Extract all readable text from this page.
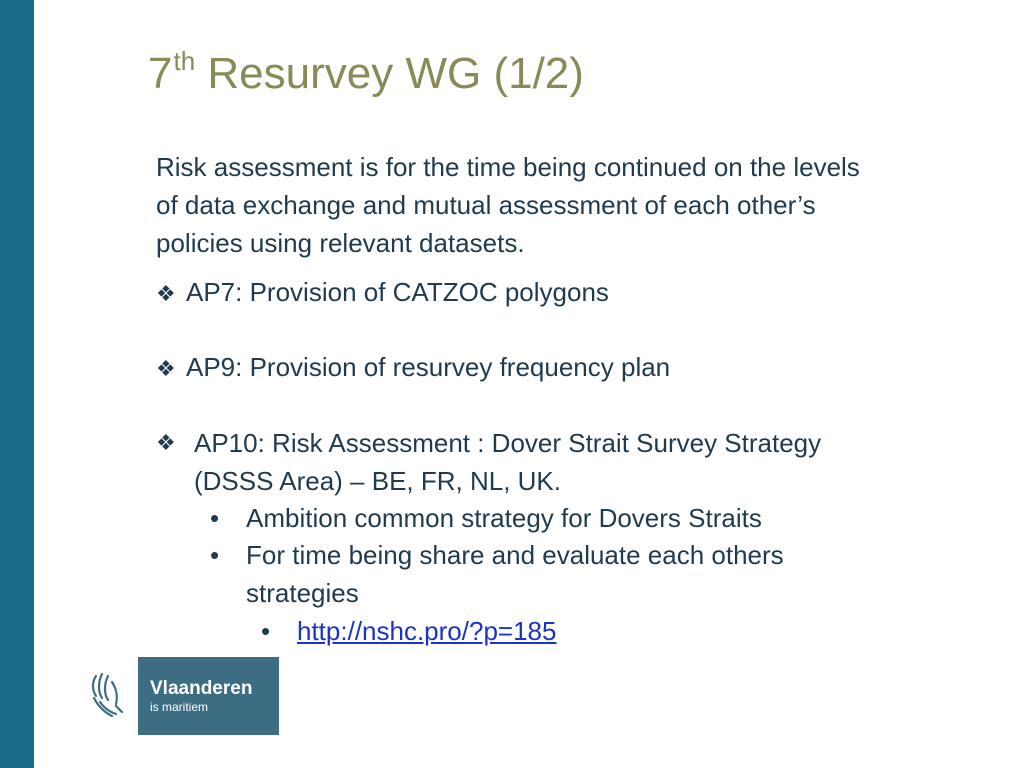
7th Resurvey WG (1/2)
Risk assessment is for the time being continued on the levels of data exchange and mutual assessment of each other’s policies using relevant datasets.
❖ AP7: Provision of CATZOC polygons
❖ AP9: Provision of resurvey frequency plan
❖ AP10: Risk Assessment : Dover Strait Survey Strategy (DSSS Area) – BE, FR, NL, UK.
• Ambition common strategy for Dovers Straits
• For time being share and evaluate each others strategies
• http://nshc.pro/?p=185
Vlaanderen
is maritiem
